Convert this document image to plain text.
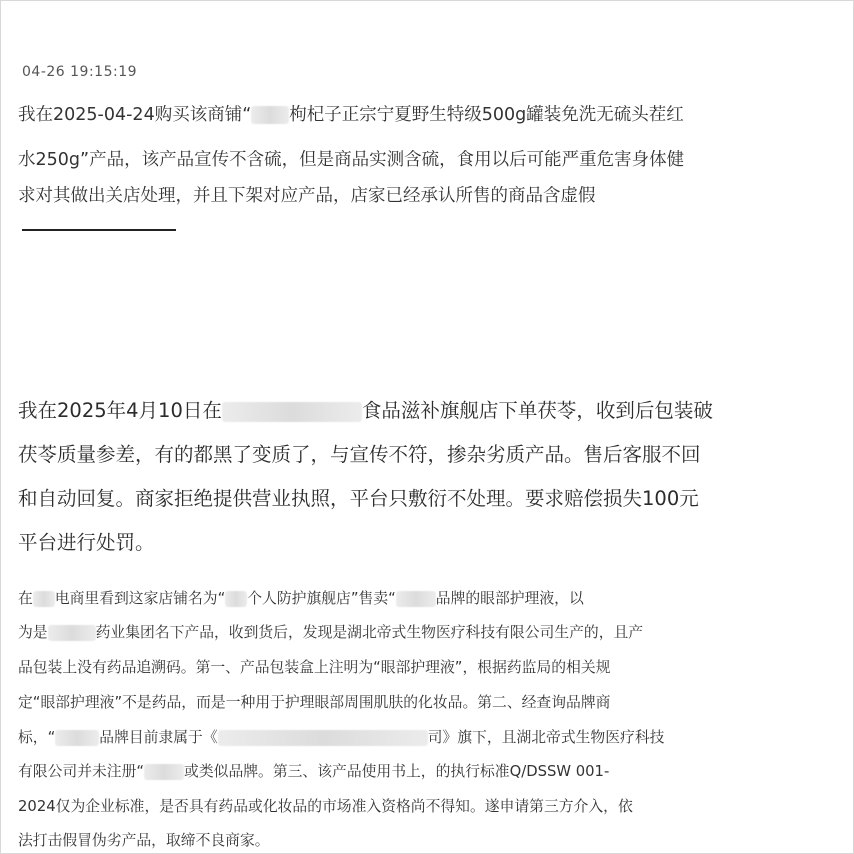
04-26 19:15:19
我在2025-04-24购买该商铺“ 枸杞子正宗宁夏野生特级500g罐装免洗无硫头茬红
水250g”产品，该产品宣传不含硫，但是商品实测含硫，食用以后可能严重危害身体健
求对其做出关店处理，并且下架对应产品，店家已经承认所售的商品含虚假
我在2025年4月10日在	食品滋补旗舰店下单茯苓，收到后包装破
茯苓质量参差，有的都黑了变质了，与宣传不符，掺杂劣质产品。售后客服不回
和自动回复。商家拒绝提供营业执照，平台只敷衍不处理。要求赔偿损失100元
平台进行处罚。
在 电商里看到这家店铺名为“ 个人防护旗舰店”售卖“	品牌的眼部护理液，以
为是	药业集团名下产品，收到货后，发现是湖北帝式生物医疗科技有限公司生产的，且产
品包装上没有药品追溯码。第一、产品包装盒上注明为“眼部护理液”，根据药监局的相关规
定“眼部护理液”不是药品，而是一种用于护理眼部周围肌肤的化妆品。第二、经查询品牌商
标，“	品牌目前隶属于《	司》旗下，且湖北帝式生物医疗科技
有限公司并未注册“	或类似品牌。第三、该产品使用书上，的执行标准Q/DSSW 001-
2024仅为企业标准，是否具有药品或化妆品的市场准入资格尚不得知。遂申请第三方介入，依
法打击假冒伪劣产品，取缔不良商家。
